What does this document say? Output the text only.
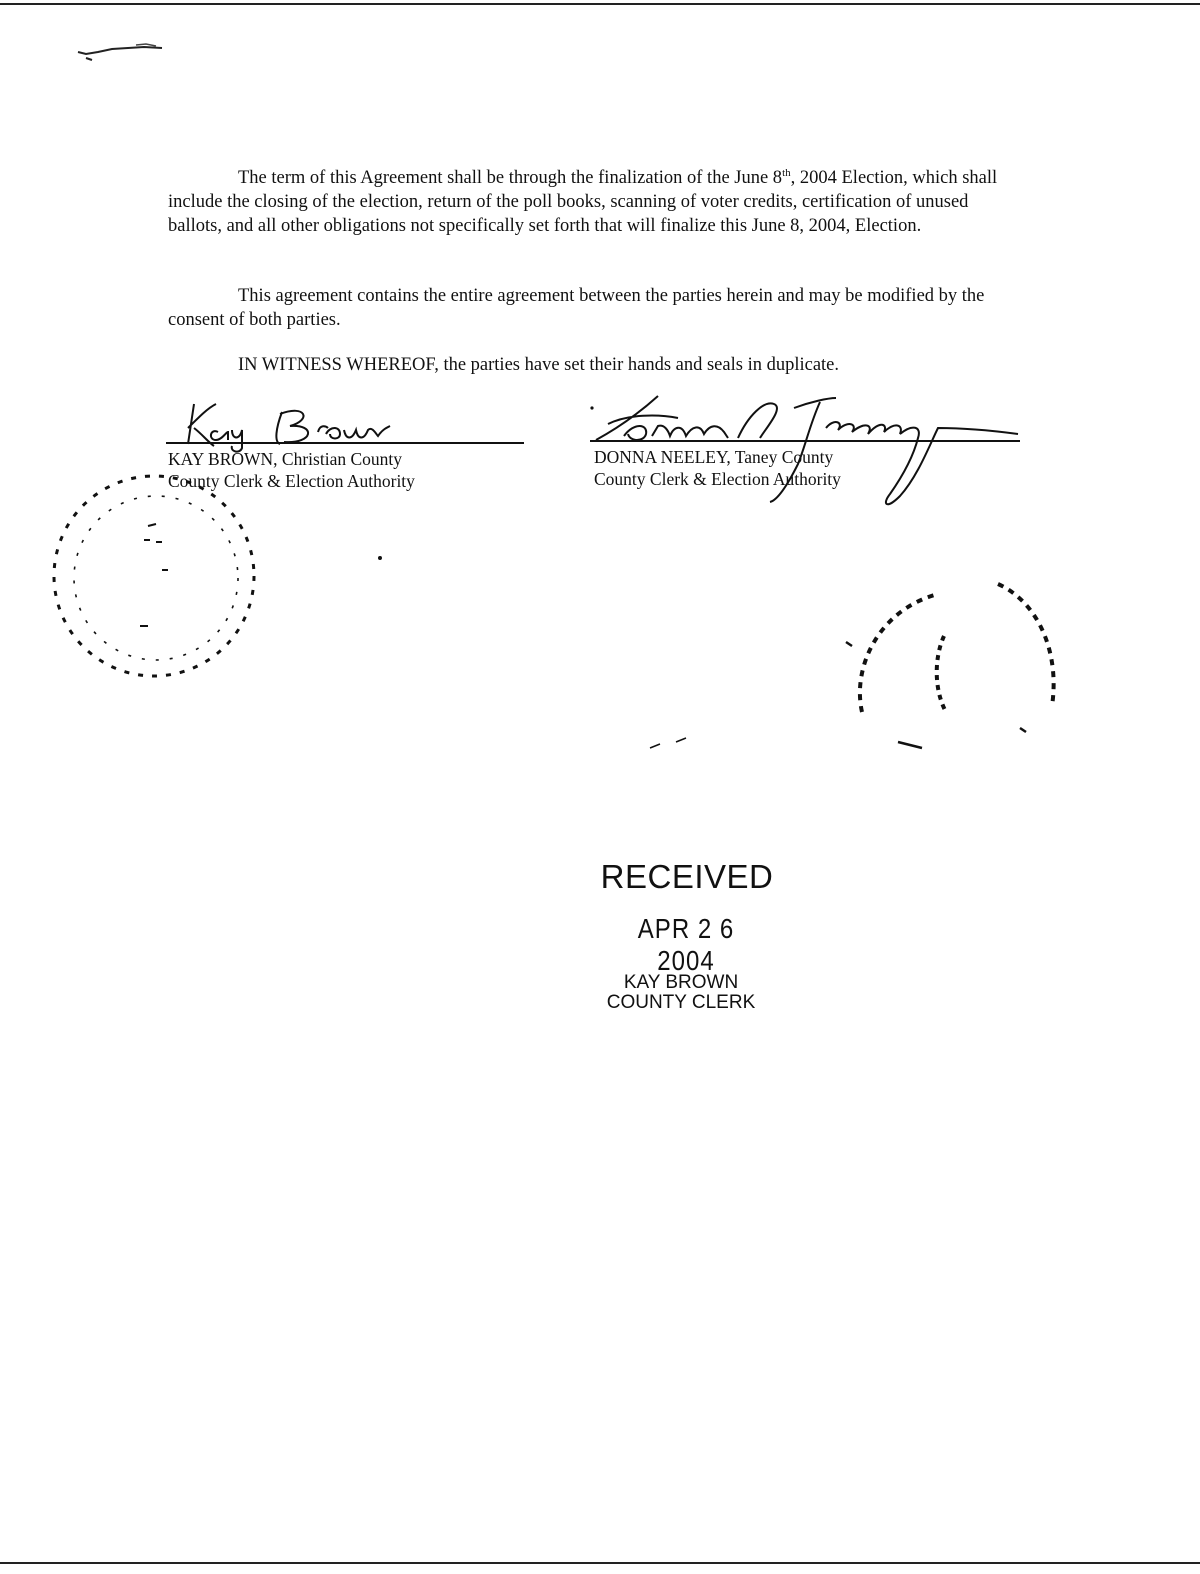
The term of this Agreement shall be through the finalization of the June 8th, 2004 Election, which shall include the closing of the election, return of the poll books, scanning of voter credits, certification of unused ballots, and all other obligations not specifically set forth that will finalize this June 8, 2004, Election.

This agreement contains the entire agreement between the parties herein and may be modified by the consent of both parties.

IN WITNESS WHEREOF, the parties have set their hands and seals in duplicate.

KAY BROWN, Christian County
County Clerk & Election Authority
DONNA NEELEY, Taney County
County Clerk & Election Authority
RECEIVED
APR 2 6 2004
KAY BROWN
COUNTY CLERK
